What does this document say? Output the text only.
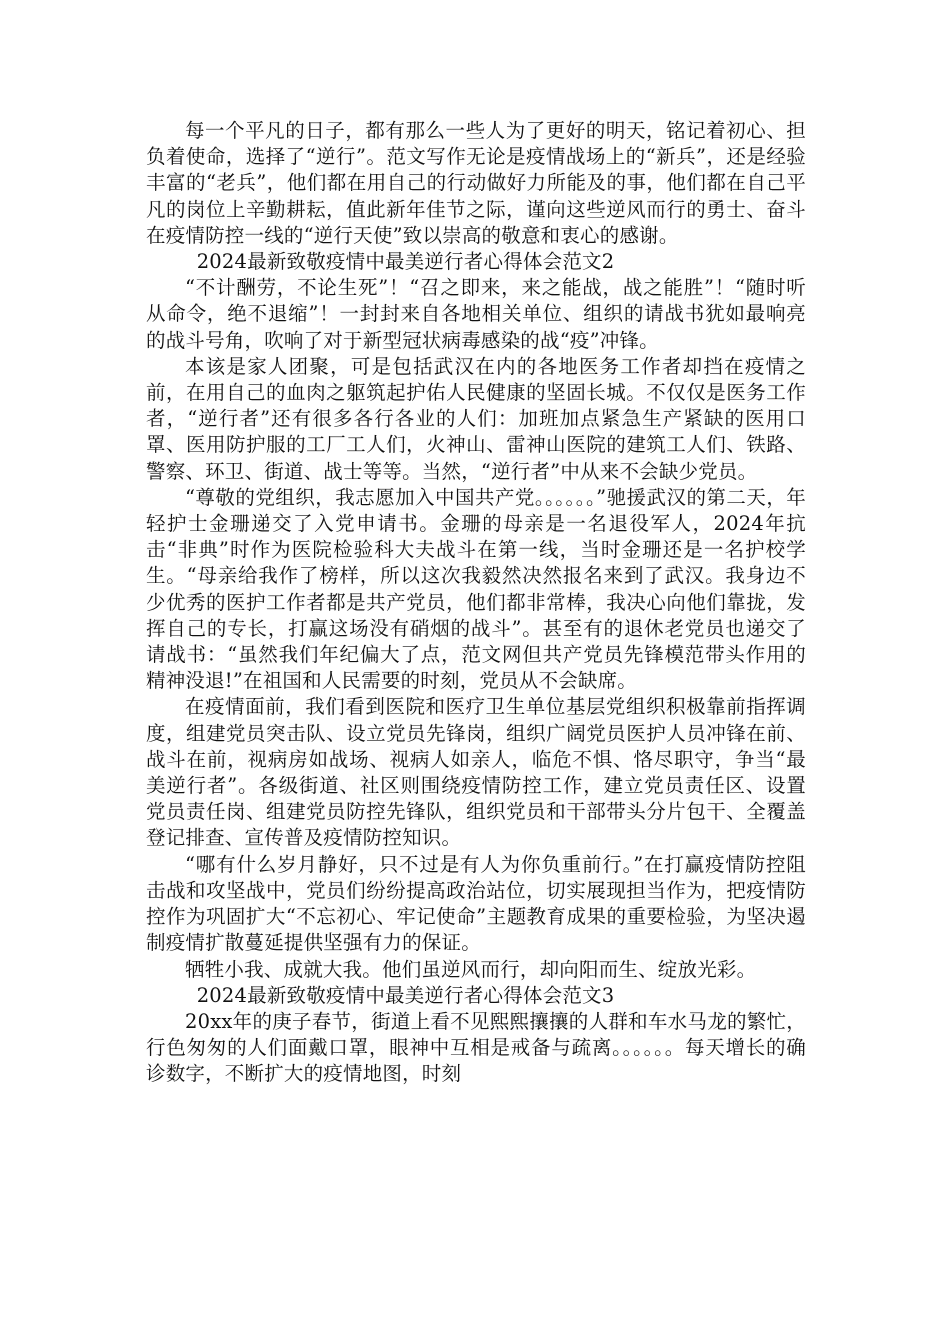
每一个平凡的日子，都有那么一些人为了更好的明天，铭记着初心、担负着使命，选择了“逆行”。范文写作无论是疫情战场上的“新兵”，还是经验丰富的“老兵”，他们都在用自己的行动做好力所能及的事，他们都在自己平凡的岗位上辛勤耕耘，值此新年佳节之际，谨向这些逆风而行的勇士、奋斗在疫情防控一线的“逆行天使”致以崇高的敬意和衷心的感谢。

2024最新致敬疫情中最美逆行者心得体会范文2

“不计酬劳，不论生死”！“召之即来，来之能战，战之能胜”！“随时听从命令，绝不退缩”！一封封来自各地相关单位、组织的请战书犹如最响亮的战斗号角，吹响了对于新型冠状病毒感染的战“疫”冲锋。

本该是家人团聚，可是包括武汉在内的各地医务工作者却挡在疫情之前，在用自己的血肉之躯筑起护佑人民健康的坚固长城。不仅仅是医务工作者，“逆行者”还有很多各行各业的人们：加班加点紧急生产紧缺的医用口罩、医用防护服的工厂工人们，火神山、雷神山医院的建筑工人们、铁路、警察、环卫、街道、战士等等。当然，“逆行者”中从来不会缺少党员。

“尊敬的党组织，我志愿加入中国共产党。。。。。。”驰援武汉的第二天，年轻护士金珊递交了入党申请书。金珊的母亲是一名退役军人，2024年抗击“非典”时作为医院检验科大夫战斗在第一线，当时金珊还是一名护校学生。“母亲给我作了榜样，所以这次我毅然决然报名来到了武汉。我身边不少优秀的医护工作者都是共产党员，他们都非常棒，我决心向他们靠拢，发挥自己的专长，打赢这场没有硝烟的战斗”。甚至有的退休老党员也递交了请战书：“虽然我们年纪偏大了点，范文网但共产党员先锋模范带头作用的精神没退!”在祖国和人民需要的时刻，党员从不会缺席。

在疫情面前，我们看到医院和医疗卫生单位基层党组织积极靠前指挥调度，组建党员突击队、设立党员先锋岗，组织广阔党员医护人员冲锋在前、战斗在前，视病房如战场、视病人如亲人，临危不惧、恪尽职守，争当“最美逆行者”。各级街道、社区则围绕疫情防控工作，建立党员责任区、设置党员责任岗、组建党员防控先锋队，组织党员和干部带头分片包干、全覆盖登记排查、宣传普及疫情防控知识。

“哪有什么岁月静好，只不过是有人为你负重前行。”在打赢疫情防控阻击战和攻坚战中，党员们纷纷提高政治站位，切实展现担当作为，把疫情防控作为巩固扩大“不忘初心、牢记使命”主题教育成果的重要检验，为坚决遏制疫情扩散蔓延提供坚强有力的保证。

牺牲小我、成就大我。他们虽逆风而行，却向阳而生、绽放光彩。

2024最新致敬疫情中最美逆行者心得体会范文3

20xx年的庚子春节，街道上看不见熙熙攘攘的人群和车水马龙的繁忙，行色匆匆的人们面戴口罩，眼神中互相是戒备与疏离。。。。。。每天增长的确诊数字，不断扩大的疫情地图，时刻
